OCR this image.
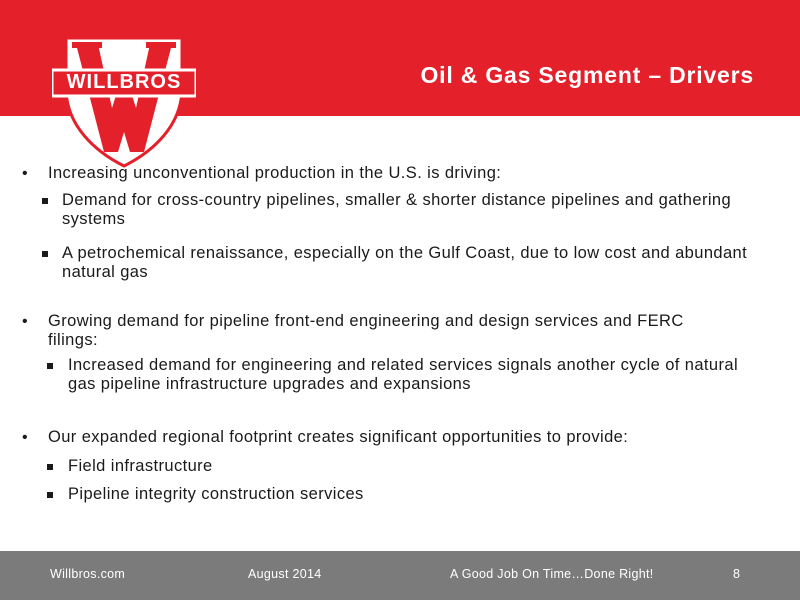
WILLBROS	Oil & Gas Segment – Drivers
• Increasing unconventional production in the U.S. is driving:
Demand for cross-country pipelines, smaller & shorter distance pipelines and gathering systems
A petrochemical renaissance, especially on the Gulf Coast, due to low cost and abundant natural gas
• Growing demand for pipeline front-end engineering and design services and FERC filings:
Increased demand for engineering and related services signals another cycle of natural gas pipeline infrastructure upgrades and expansions
• Our expanded regional footprint creates significant opportunities to provide:
Field infrastructure
Pipeline integrity construction services
Willbros.com	August 2014	A Good Job On Time…Done Right!	8
